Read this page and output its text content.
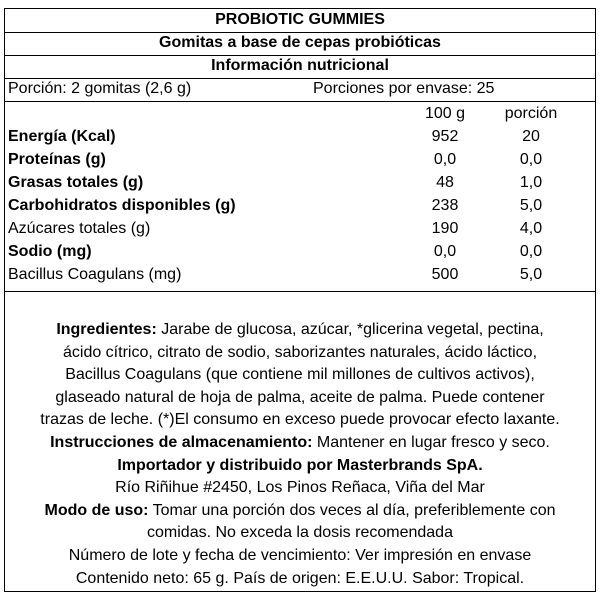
PROBIOTIC GUMMIES
Gomitas a base de cepas probióticas
Información nutricional
Porción: 2 gomitas (2,6 g)	Porciones por envase: 25
100 g	porción
Energía (Kcal)	952	20
Proteínas (g)	0,0	0,0
Grasas totales (g)	48	1,0
Carbohidratos disponibles (g)	238	5,0
Azúcares totales (g)	190	4,0
Sodio (mg)	0,0	0,0
Bacillus Coagulans (mg)	500	5,0

Ingredientes: Jarabe de glucosa, azúcar, *glicerina vegetal, pectina,

ácido cítrico, citrato de sodio, saborizantes naturales, ácido láctico,

Bacillus Coagulans (que contiene mil millones de cultivos activos),

glaseado natural de hoja de palma, aceite de palma. Puede contener

trazas de leche. (*)El consumo en exceso puede provocar efecto laxante.

Instrucciones de almacenamiento: Mantener en lugar fresco y seco.

Importador y distribuido por Masterbrands SpA.

Río Riñihue #2450, Los Pinos Reñaca, Viña del Mar

Modo de uso: Tomar una porción dos veces al día, preferiblemente con

comidas. No exceda la dosis recomendada

Número de lote y fecha de vencimiento: Ver impresión en envase

Contenido neto: 65 g. País de origen: E.E.U.U. Sabor: Tropical.
